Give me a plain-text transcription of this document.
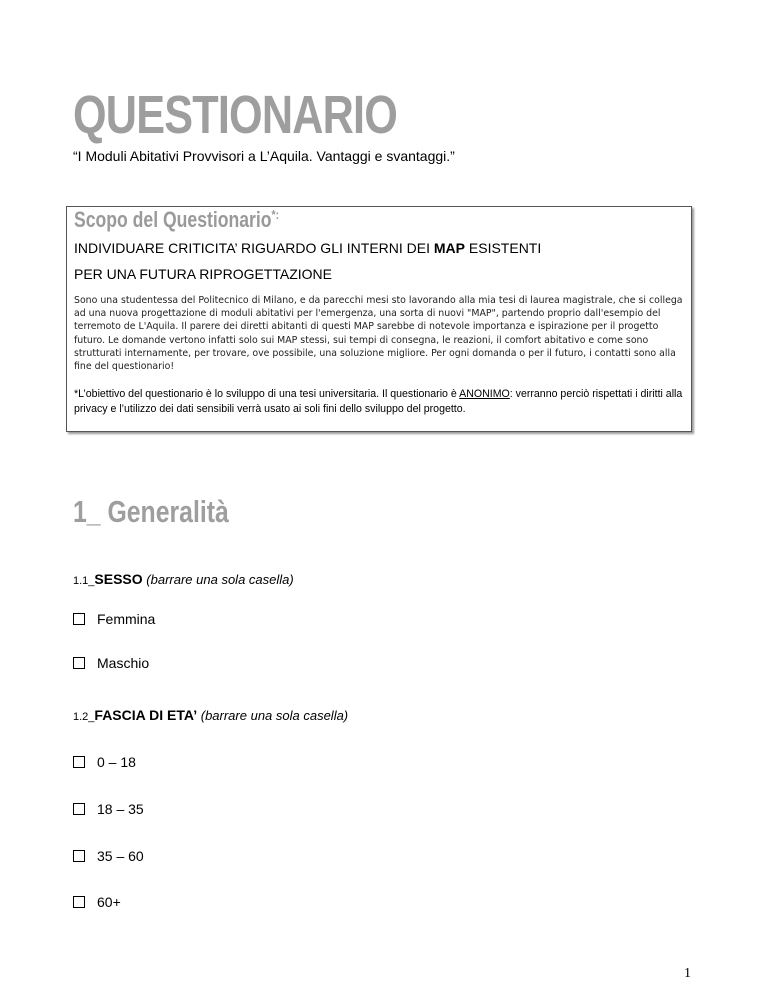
QUESTIONARIO

“I Moduli Abitativi Provvisori a L’Aquila. Vantaggi e svantaggi.”

Scopo del Questionario*:

INDIVIDUARE CRITICITA’ RIGUARDO GLI INTERNI DEI MAP ESISTENTI

PER UNA FUTURA RIPROGETTAZIONE

Sono una studentessa del Politecnico di Milano, e da parecchi mesi sto lavorando alla mia tesi di laurea magistrale, che si collega ad una nuova progettazione di moduli abitativi per l'emergenza, una sorta di nuovi "MAP", partendo proprio dall'esempio del terremoto de L'Aquila. Il parere dei diretti abitanti di questi MAP sarebbe di notevole importanza e ispirazione per il progetto futuro. Le domande vertono infatti solo sui MAP stessi, sui tempi di consegna, le reazioni, il comfort abitativo e come sono strutturati internamente, per trovare, ove possibile, una soluzione migliore. Per ogni domanda o per il futuro, i contatti sono alla fine del questionario!

*L’obiettivo del questionario è lo sviluppo di una tesi universitaria. Il questionario è ANONIMO: verranno perciò rispettati i diritti alla privacy e l’utilizzo dei dati sensibili verrà usato ai soli fini dello sviluppo del progetto.

1_ Generalità

1.1_SESSO (barrare una sola casella)

Femmina
Maschio

1.2_FASCIA DI ETA’ (barrare una sola casella)

0 – 18
18 – 35
35 – 60
60+
1
